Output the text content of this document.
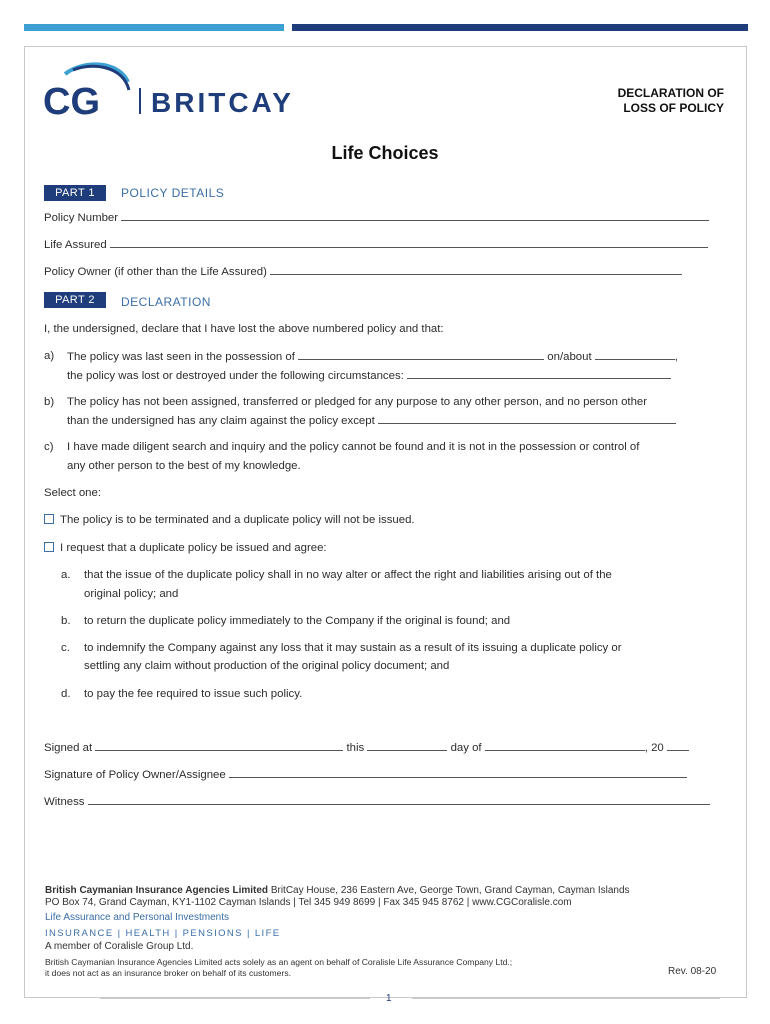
CG BRITCAY	DECLARATION OF
LOSS OF POLICY
Life Choices
PART 1	POLICY DETAILS
Policy Number
Life Assured
Policy Owner (if other than the Life Assured)
PART 2	DECLARATION
I, the undersigned, declare that I have lost the above numbered policy and that:
a) The policy was last seen in the possession of	on/about	,
the policy was lost or destroyed under the following circumstances:
b) The policy has not been assigned, transferred or pledged for any purpose to any other person, and no person other
than the undersigned has any claim against the policy except
c) I have made diligent search and inquiry and the policy cannot be found and it is not in the possession or control of
any other person to the best of my knowledge.
Select one:
The policy is to be terminated and a duplicate policy will not be issued.
I request that a duplicate policy be issued and agree:
a. that the issue of the duplicate policy shall in no way alter or affect the right and liabilities arising out of the
original policy; and
b. to return the duplicate policy immediately to the Company if the original is found; and
c. to indemnify the Company against any loss that it may sustain as a result of its issuing a duplicate policy or
settling any claim without production of the original policy document; and
d. to pay the fee required to issue such policy.
Signed at	this	day of	, 20
Signature of Policy Owner/Assignee
Witness
British Caymanian Insurance Agencies Limited BritCay House, 236 Eastern Ave, George Town, Grand Cayman, Cayman Islands
PO Box 74, Grand Cayman, KY1-1102 Cayman Islands | Tel 345 949 8699 | Fax 345 945 8762 | www.CGCoralisle.com
Life Assurance and Personal Investments
INSURANCE | HEALTH | PENSIONS | LIFE
A member of Coralisle Group Ltd.
British Caymanian Insurance Agencies Limited acts solely as an agent on behalf of Coralisle Life Assurance Company Ltd.;
it does not act as an insurance broker on behalf of its customers.	Rev. 08-20
1
